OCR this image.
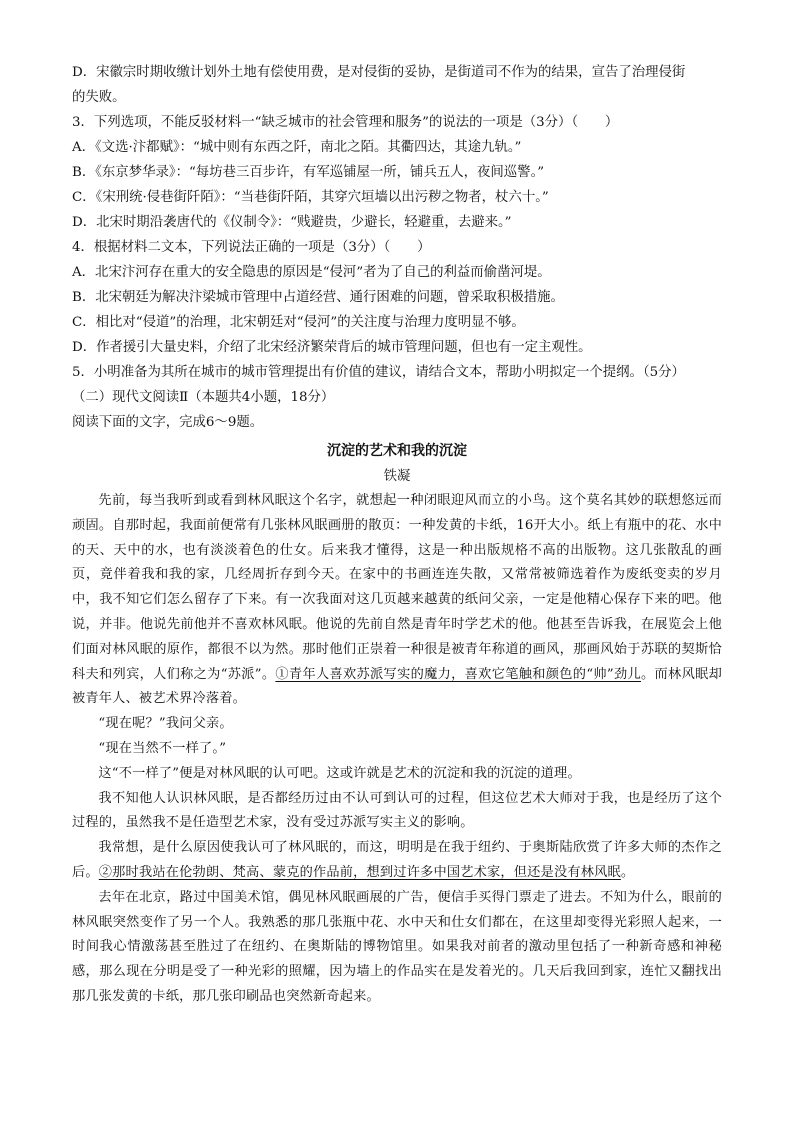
D．宋徽宗时期收缴计划外土地有偿使用费，是对侵街的妥协，是街道司不作为的结果，宣告了治理侵街
的失败。
3．下列选项，不能反驳材料一“缺乏城市的社会管理和服务”的说法的一项是（3分）（　　）
A．《文选·汴都赋》：“城中则有东西之阡，南北之陌。其衢四达，其途九轨。”
B．《东京梦华录》：“每坊巷三百步许，有军巡铺屋一所，铺兵五人，夜间巡警。”
C．《宋刑统·侵巷街阡陌》：“当巷街阡陌，其穿穴垣墙以出污秽之物者，杖六十。”
D．北宋时期沿袭唐代的《仪制令》：“贱避贵，少避长，轻避重，去避来。”
4．根据材料二文本，下列说法正确的一项是（3分）（　　）
A．北宋汴河存在重大的安全隐患的原因是“侵河”者为了自己的利益而偷凿河堤。
B．北宋朝廷为解决汴梁城市管理中占道经营、通行困难的问题，曾采取积极措施。
C．相比对“侵道”的治理，北宋朝廷对“侵河”的关注度与治理力度明显不够。
D．作者援引大量史料，介绍了北宋经济繁荣背后的城市管理问题，但也有一定主观性。
5．小明准备为其所在城市的城市管理提出有价值的建议，请结合文本，帮助小明拟定一个提纲。（5分）
（二）现代文阅读Ⅱ（本题共4小题，18分）
阅读下面的文字，完成6～9题。
沉淀的艺术和我的沉淀
铁凝

先前，每当我听到或看到林风眠这个名字，就想起一种闭眼迎风而立的小鸟。这个莫名其妙的联想悠远而顽固。自那时起，我面前便常有几张林风眠画册的散页：一种发黄的卡纸，16开大小。纸上有瓶中的花、水中的天、天中的水，也有淡淡着色的仕女。后来我才懂得，这是一种出版规格不高的出版物。这几张散乱的画页，竟伴着我和我的家，几经周折存到今天。在家中的书画连连失散，又常常被筛选着作为废纸变卖的岁月中，我不知它们怎么留存了下来。有一次我面对这几页越来越黄的纸问父亲，一定是他精心保存下来的吧。他说，并非。他说先前他并不喜欢林风眠。他说的先前自然是青年时学艺术的他。他甚至告诉我，在展览会上他们面对林风眠的原作，都很不以为然。那时他们正崇着一种很是被青年称道的画风，那画风始于苏联的契斯恰科夫和列宾，人们称之为“苏派”。①青年人喜欢苏派写实的魔力，喜欢它笔触和颜色的“帅”劲儿。而林风眠却被青年人、被艺术界冷落着。

“现在呢？”我问父亲。

“现在当然不一样了。”

这“不一样了”便是对林风眠的认可吧。这或许就是艺术的沉淀和我的沉淀的道理。

我不知他人认识林风眠，是否都经历过由不认可到认可的过程，但这位艺术大师对于我，也是经历了这个过程的，虽然我不是任造型艺术家，没有受过苏派写实主义的影响。

我常想，是什么原因使我认可了林风眠的，而这，明明是在我于纽约、于奥斯陆欣赏了许多大师的杰作之后。②那时我站在伦勃朗、梵高、蒙克的作品前，想到过许多中国艺术家，但还是没有林风眠。

去年在北京，路过中国美术馆，偶见林风眠画展的广告，便信手买得门票走了进去。不知为什么，眼前的林风眠突然变作了另一个人。我熟悉的那几张瓶中花、水中天和仕女们都在，在这里却变得光彩照人起来，一时间我心情激荡甚至胜过了在纽约、在奥斯陆的博物馆里。如果我对前者的激动里包括了一种新奇感和神秘感，那么现在分明是受了一种光彩的照耀，因为墙上的作品实在是发着光的。几天后我回到家，连忙又翻找出那几张发黄的卡纸，那几张印刷品也突然新奇起来。
